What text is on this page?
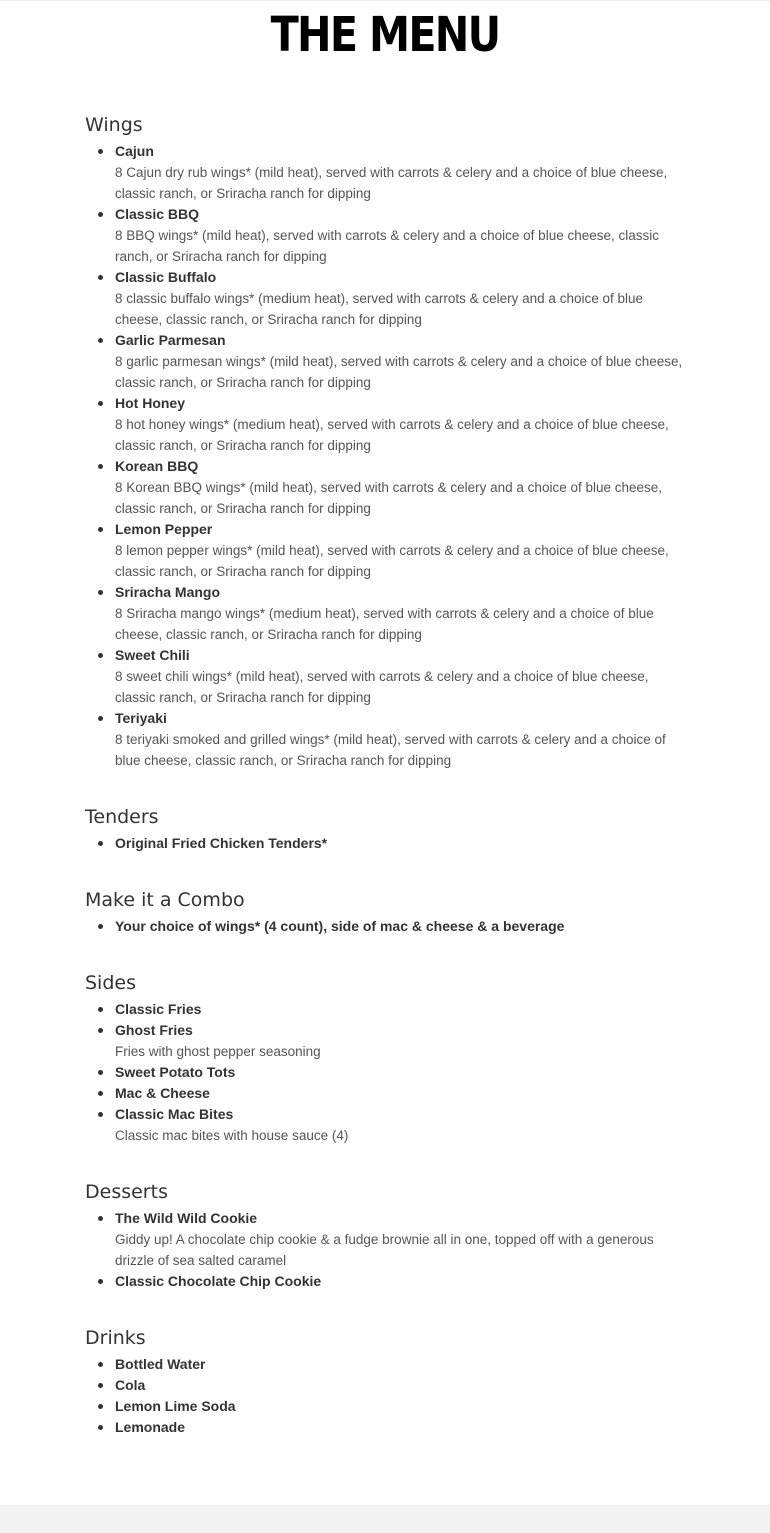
THE MENU
Wings
Cajun
8 Cajun dry rub wings* (mild heat), served with carrots & celery and a choice of blue cheese, classic ranch, or Sriracha ranch for dipping
Classic BBQ
8 BBQ wings* (mild heat), served with carrots & celery and a choice of blue cheese, classic ranch, or Sriracha ranch for dipping
Classic Buffalo
8 classic buffalo wings* (medium heat), served with carrots & celery and a choice of blue cheese, classic ranch, or Sriracha ranch for dipping
Garlic Parmesan
8 garlic parmesan wings* (mild heat), served with carrots & celery and a choice of blue cheese, classic ranch, or Sriracha ranch for dipping
Hot Honey
8 hot honey wings* (medium heat), served with carrots & celery and a choice of blue cheese, classic ranch, or Sriracha ranch for dipping
Korean BBQ
8 Korean BBQ wings* (mild heat), served with carrots & celery and a choice of blue cheese, classic ranch, or Sriracha ranch for dipping
Lemon Pepper
8 lemon pepper wings* (mild heat), served with carrots & celery and a choice of blue cheese, classic ranch, or Sriracha ranch for dipping
Sriracha Mango
8 Sriracha mango wings* (medium heat), served with carrots & celery and a choice of blue cheese, classic ranch, or Sriracha ranch for dipping
Sweet Chili
8 sweet chili wings* (mild heat), served with carrots & celery and a choice of blue cheese, classic ranch, or Sriracha ranch for dipping
Teriyaki
8 teriyaki smoked and grilled wings* (mild heat), served with carrots & celery and a choice of blue cheese, classic ranch, or Sriracha ranch for dipping
Tenders
Original Fried Chicken Tenders*
Make it a Combo
Your choice of wings* (4 count), side of mac & cheese & a beverage
Sides
Classic Fries
Ghost Fries
Fries with ghost pepper seasoning
Sweet Potato Tots
Mac & Cheese
Classic Mac Bites
Classic mac bites with house sauce (4)
Desserts
The Wild Wild Cookie
Giddy up! A chocolate chip cookie & a fudge brownie all in one, topped off with a generous drizzle of sea salted caramel
Classic Chocolate Chip Cookie
Drinks
Bottled Water
Cola
Lemon Lime Soda
Lemonade
